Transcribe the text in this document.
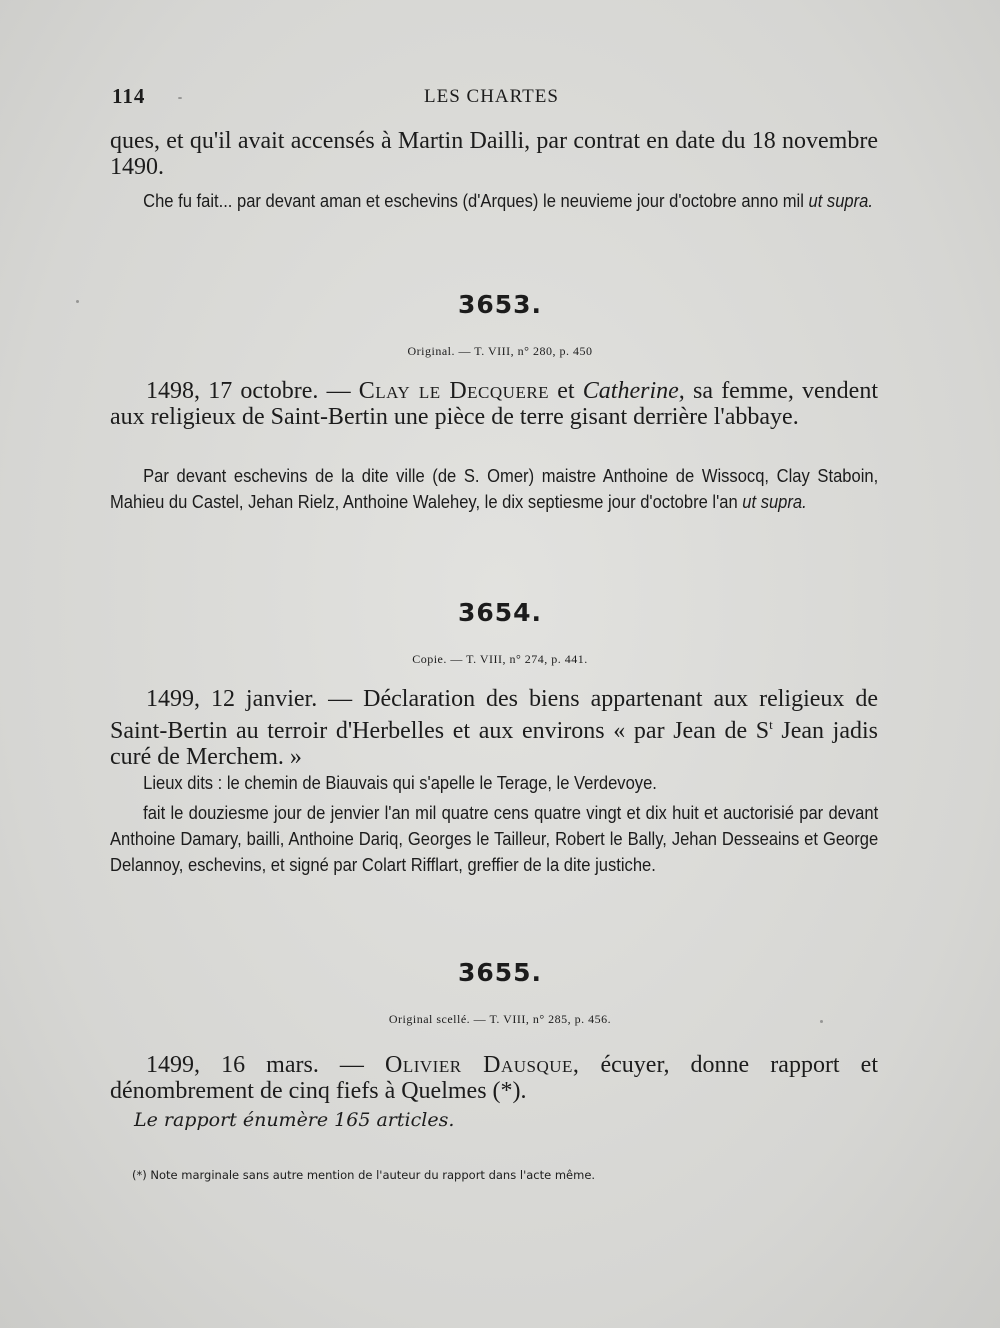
114	LES CHARTES
ques, et qu'il avait accensés à Martin Dailli, par contrat en date du 18 novembre 1490.
Che fu fait... par devant aman et eschevins (d'Arques) le neuvieme jour d'octobre anno mil ut supra.
3653.
Original. — T. VIII, n° 280, p. 450
1498, 17 octobre. — Clay le Decquere et Catherine, sa femme, vendent aux religieux de Saint-Bertin une pièce de terre gisant derrière l'abbaye.
Par devant eschevins de la dite ville (de S. Omer) maistre Anthoine de Wissocq, Clay Staboin, Mahieu du Castel, Jehan Rielz, Anthoine Walehey, le dix septiesme jour d'octobre l'an ut supra.
3654.
Copie. — T. VIII, n° 274, p. 441.
1499, 12 janvier. — Déclaration des biens appartenant aux religieux de Saint-Bertin au terroir d'Herbelles et aux environs « par Jean de $S^t$ Jean jadis curé de Merchem. »
Lieux dits : le chemin de Biauvais qui s'apelle le Terage, le Verdevoye.
fait le douziesme jour de jenvier l'an mil quatre cens quatre vingt et dix huit et auctorisié par devant Anthoine Damary, bailli, Anthoine Dariq, Georges le Tailleur, Robert le Bally, Jehan Desseains et George Delannoy, eschevins, et signé par Colart Rifflart, greffier de la dite justiche.
3655.
Original scellé. — T. VIII, n° 285, p. 456.
1499, 16 mars. — Olivier Dausque, écuyer, donne rapport et dénombrement de cinq fiefs à Quelmes (*).
Le rapport énumère 165 articles.
(*) Note marginale sans autre mention de l'auteur du rapport dans l'acte même.
